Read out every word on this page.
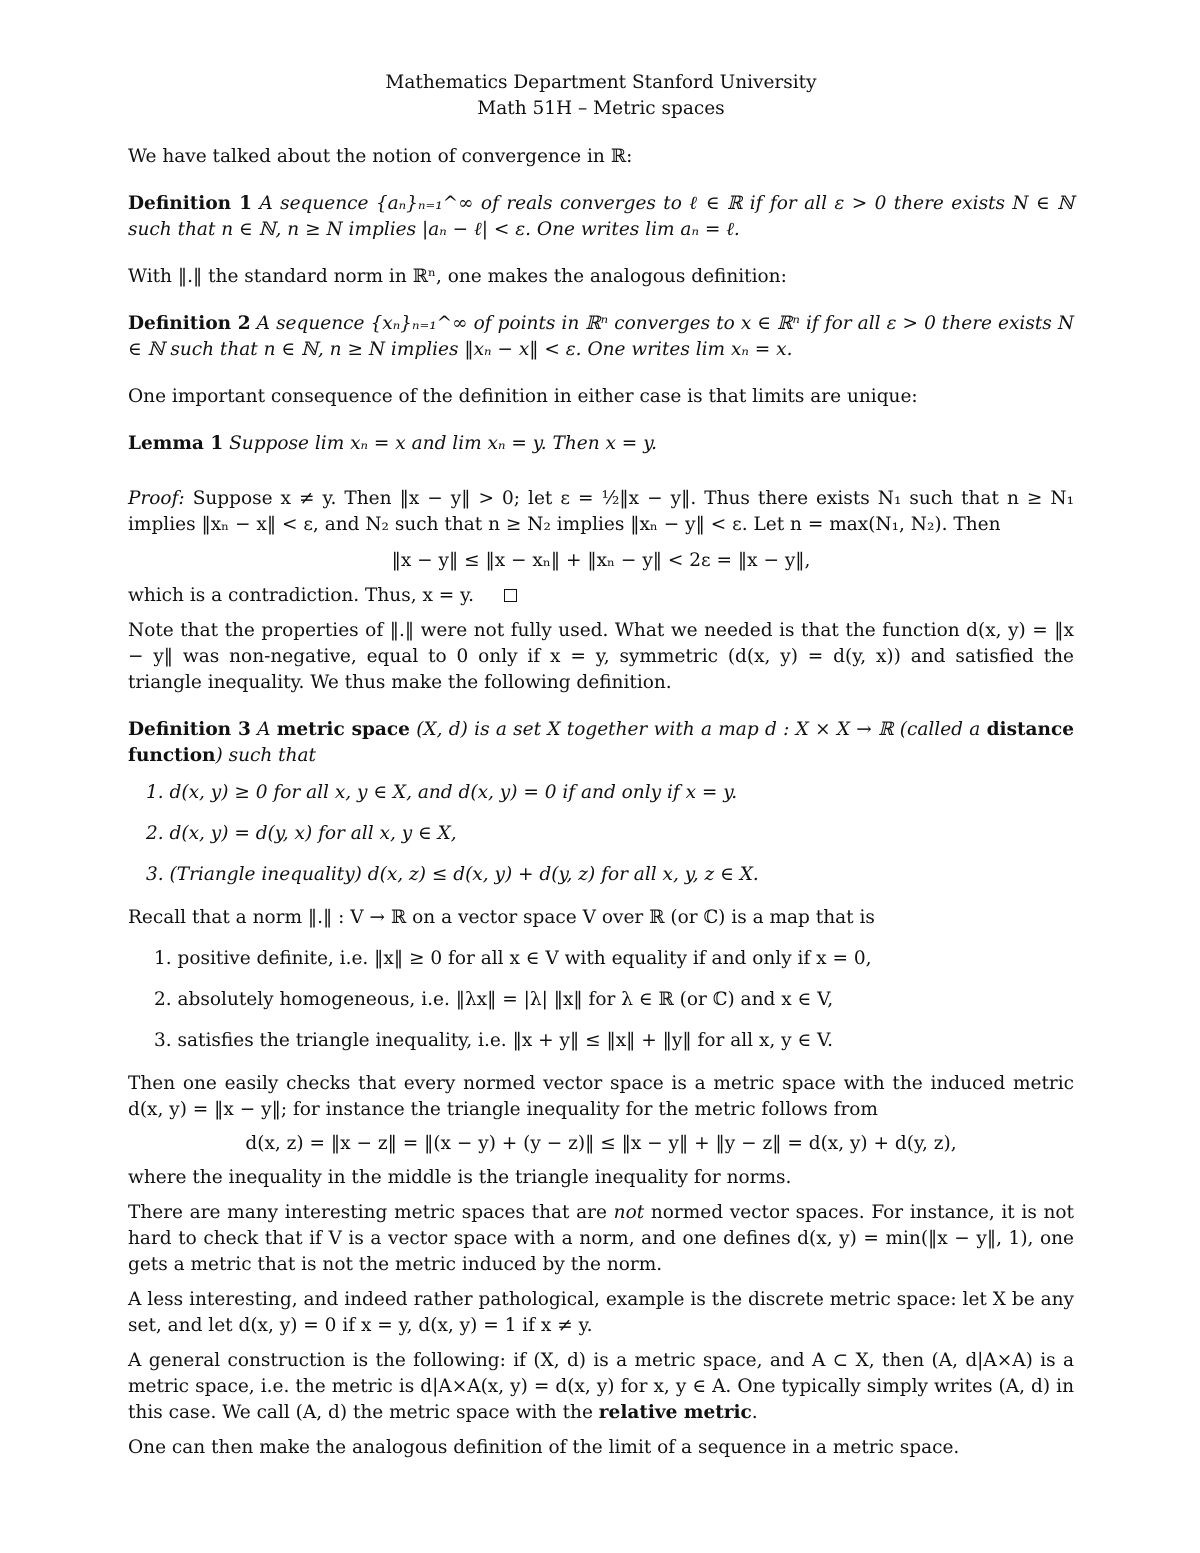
Mathematics Department Stanford University
Math 51H – Metric spaces

We have talked about the notion of convergence in ℝ:

Definition 1 A sequence {aₙ}ₙ₌₁^∞ of reals converges to ℓ ∈ ℝ if for all ε > 0 there exists N ∈ ℕ such that n ∈ ℕ, n ≥ N implies |aₙ − ℓ| < ε. One writes lim aₙ = ℓ.

With ‖.‖ the standard norm in ℝⁿ, one makes the analogous definition:

Definition 2 A sequence {xₙ}ₙ₌₁^∞ of points in ℝⁿ converges to x ∈ ℝⁿ if for all ε > 0 there exists N ∈ ℕ such that n ∈ ℕ, n ≥ N implies ‖xₙ − x‖ < ε. One writes lim xₙ = x.

One important consequence of the definition in either case is that limits are unique:

Lemma 1 Suppose lim xₙ = x and lim xₙ = y. Then x = y.

Proof: Suppose x ≠ y. Then ‖x − y‖ > 0; let ε = ½‖x − y‖. Thus there exists N₁ such that n ≥ N₁ implies ‖xₙ − x‖ < ε, and N₂ such that n ≥ N₂ implies ‖xₙ − y‖ < ε. Let n = max(N₁, N₂). Then

‖x − y‖ ≤ ‖x − xₙ‖ + ‖xₙ − y‖ < 2ε = ‖x − y‖,

which is a contradiction. Thus, x = y.

Note that the properties of ‖.‖ were not fully used. What we needed is that the function d(x, y) = ‖x − y‖ was non-negative, equal to 0 only if x = y, symmetric (d(x, y) = d(y, x)) and satisfied the triangle inequality. We thus make the following definition.

Definition 3 A metric space (X, d) is a set X together with a map d : X × X → ℝ (called a distance function) such that

1. d(x, y) ≥ 0 for all x, y ∈ X, and d(x, y) = 0 if and only if x = y.
2. d(x, y) = d(y, x) for all x, y ∈ X,
3. (Triangle inequality) d(x, z) ≤ d(x, y) + d(y, z) for all x, y, z ∈ X.

Recall that a norm ‖.‖ : V → ℝ on a vector space V over ℝ (or ℂ) is a map that is

1. positive definite, i.e. ‖x‖ ≥ 0 for all x ∈ V with equality if and only if x = 0,
2. absolutely homogeneous, i.e. ‖λx‖ = |λ| ‖x‖ for λ ∈ ℝ (or ℂ) and x ∈ V,
3. satisfies the triangle inequality, i.e. ‖x + y‖ ≤ ‖x‖ + ‖y‖ for all x, y ∈ V.

Then one easily checks that every normed vector space is a metric space with the induced metric d(x, y) = ‖x − y‖; for instance the triangle inequality for the metric follows from

d(x, z) = ‖x − z‖ = ‖(x − y) + (y − z)‖ ≤ ‖x − y‖ + ‖y − z‖ = d(x, y) + d(y, z),

where the inequality in the middle is the triangle inequality for norms.

There are many interesting metric spaces that are not normed vector spaces. For instance, it is not hard to check that if V is a vector space with a norm, and one defines d(x, y) = min(‖x − y‖, 1), one gets a metric that is not the metric induced by the norm.

A less interesting, and indeed rather pathological, example is the discrete metric space: let X be any set, and let d(x, y) = 0 if x = y, d(x, y) = 1 if x ≠ y.

A general construction is the following: if (X, d) is a metric space, and A ⊂ X, then (A, d|A×A) is a metric space, i.e. the metric is d|A×A(x, y) = d(x, y) for x, y ∈ A. One typically simply writes (A, d) in this case. We call (A, d) the metric space with the relative metric.

One can then make the analogous definition of the limit of a sequence in a metric space.
